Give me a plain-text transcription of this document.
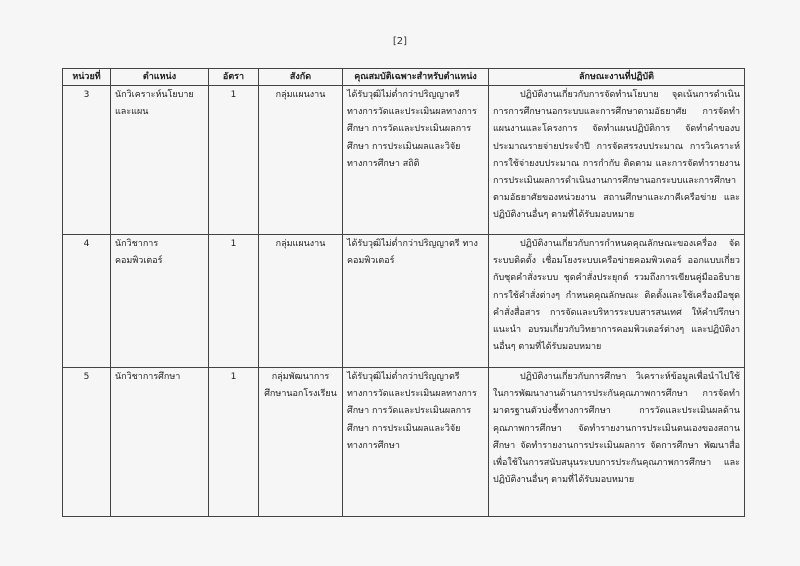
[2]
หน่วยที่	ตำแหน่ง	อัตรา	สังกัด	คุณสมบัติเฉพาะสำหรับตำแหน่ง	ลักษณะงานที่ปฏิบัติ
3	นักวิเคราะห์นโยบายและแผน	1	กลุ่มแผนงาน	ได้รับวุฒิไม่ต่ำกว่าปริญญาตรี ทางการวัดและประเมินผลทางการศึกษา การวัดและประเมินผลการศึกษา การประเมินผลและวิจัยทางการศึกษา สถิติ	ปฏิบัติงานเกี่ยวกับการจัดทำนโยบาย จุดเน้นการดำเนินการการศึกษานอกระบบและการศึกษาตามอัธยาศัย การจัดทำแผนงานและโครงการ จัดทำแผนปฏิบัติการ จัดทำคำของบประมาณรายจ่ายประจำปี การจัดสรรงบประมาณ การวิเคราะห์การใช้จ่ายงบประมาณ การกำกับ ติดตาม และการจัดทำรายงานการประเมินผลการดำเนินงานการศึกษานอกระบบและการศึกษาตามอัธยาศัยของหน่วยงาน สถานศึกษาและภาคีเครือข่าย และปฏิบัติงานอื่นๆ ตามที่ได้รับมอบหมาย
4	นักวิชาการคอมพิวเตอร์	1	กลุ่มแผนงาน	ได้รับวุฒิไม่ต่ำกว่าปริญญาตรี ทางคอมพิวเตอร์	ปฏิบัติงานเกี่ยวกับการกำหนดคุณลักษณะของเครื่อง จัดระบบติดตั้ง เชื่อมโยงระบบเครือข่ายคอมพิวเตอร์ ออกแบบเกี่ยวกับชุดคำสั่งระบบ ชุดคำสั่งประยุกต์ รวมถึงการเขียนคู่มืออธิบายการใช้คำสั่งต่างๆ กำหนดคุณลักษณะ ติดตั้งและใช้เครื่องมือชุดคำสั่งสื่อสาร การจัดและบริหารระบบสารสนเทศ ให้คำปรึกษาแนะนำ อบรมเกี่ยวกับวิทยาการคอมพิวเตอร์ต่างๆ และปฏิบัติงานอื่นๆ ตามที่ได้รับมอบหมาย
5	นักวิชาการศึกษา	1	กลุ่มพัฒนาการศึกษานอกโรงเรียน	ได้รับวุฒิไม่ต่ำกว่าปริญญาตรี ทางการวัดและประเมินผลทางการศึกษา การวัดและประเมินผลการศึกษา การประเมินผลและวิจัยทางการศึกษา	ปฏิบัติงานเกี่ยวกับการศึกษา วิเคราะห์ข้อมูลเพื่อนำไปใช้ในการพัฒนางานด้านการประกันคุณภาพการศึกษา การจัดทำมาตรฐานตัวบ่งชี้ทางการศึกษา การวัดและประเมินผลด้านคุณภาพการศึกษา จัดทำรายงานการประเมินตนเองของสถานศึกษา จัดทำรายงานการประเมินผลการ จัดการศึกษา พัฒนาสื่อเพื่อใช้ในการสนับสนุนระบบการประกันคุณภาพการศึกษา และปฏิบัติงานอื่นๆ ตามที่ได้รับมอบหมาย
